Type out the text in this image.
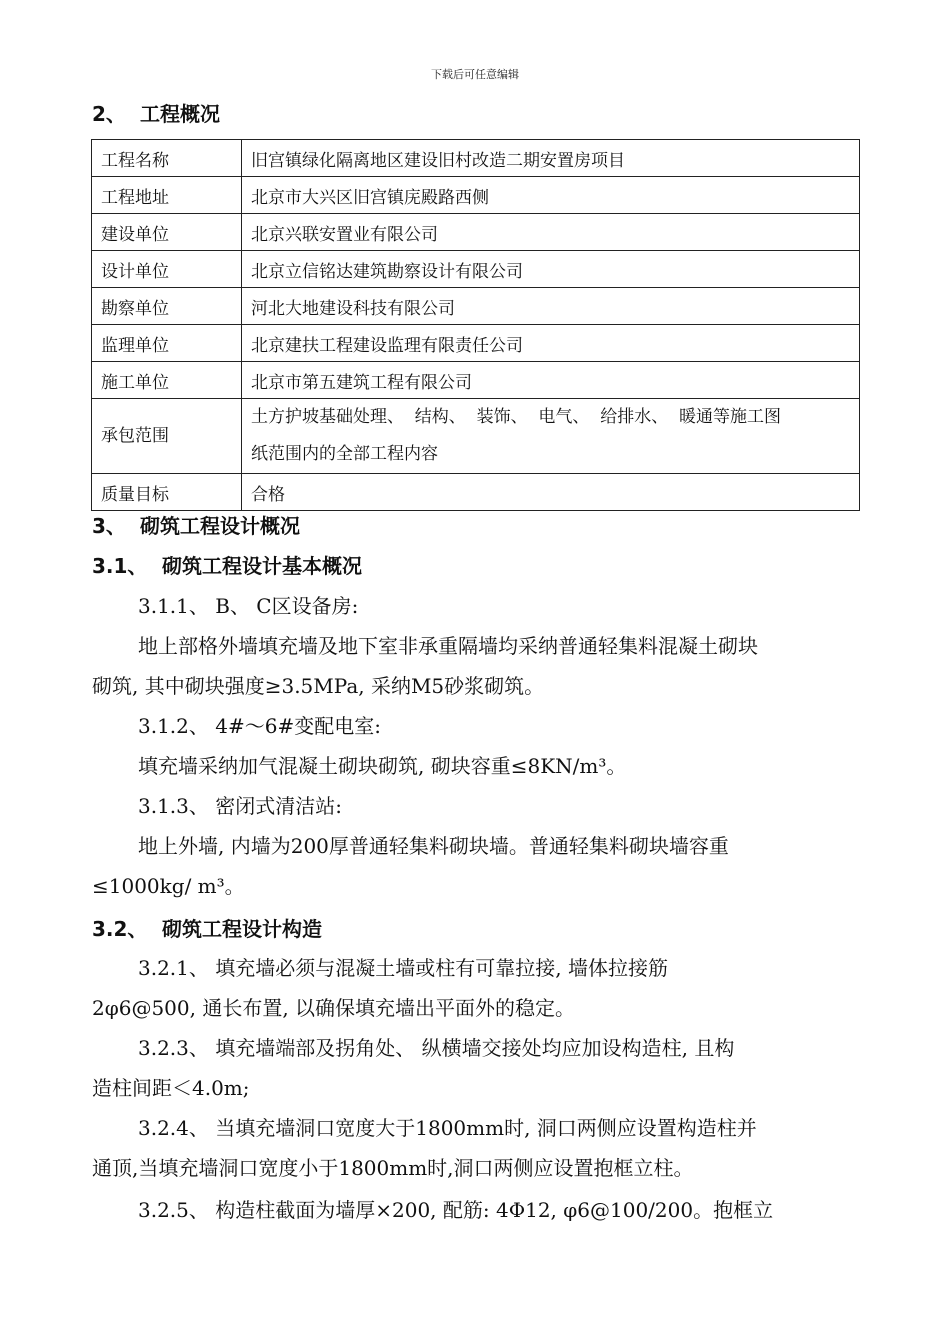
下载后可任意编辑
2、 工程概况
工程名称	旧宫镇绿化隔离地区建设旧村改造二期安置房项目
工程地址	北京市大兴区旧宫镇庑殿路西侧
建设单位	北京兴联安置业有限公司
设计单位	北京立信铭达建筑勘察设计有限公司
勘察单位	河北大地建设科技有限公司
监理单位	北京建扶工程建设监理有限责任公司
施工单位	北京市第五建筑工程有限公司
承包范围	土方护坡基础处理、  结构、  装饰、  电气、  给排水、  暖通等施工图
纸范围内的全部工程内容

质量目标	合格
3、 砌筑工程设计概况
3.1、 砌筑工程设计基本概况
3.1.1、 B、 C区设备房:
地上部格外墙填充墙及地下室非承重隔墙均采纳普通轻集料混凝土砌块
砌筑, 其中砌块强度≥3.5MPa, 采纳M5砂浆砌筑。
3.1.2、 4#～6#变配电室:
填充墙采纳加气混凝土砌块砌筑, 砌块容重≤8KN/m³。
3.1.3、 密闭式清洁站:
地上外墙, 内墙为200厚普通轻集料砌块墙。普通轻集料砌块墙容重
≤1000kg/ m³。
3.2、 砌筑工程设计构造
3.2.1、 填充墙必须与混凝土墙或柱有可靠拉接, 墙体拉接筋
2φ6@500, 通长布置, 以确保填充墙出平面外的稳定。
3.2.3、 填充墙端部及拐角处、 纵横墙交接处均应加设构造柱, 且构
造柱间距＜4.0m;
3.2.4、 当填充墙洞口宽度大于1800mm时, 洞口两侧应设置构造柱并
通顶,当填充墙洞口宽度小于1800mm时,洞口两侧应设置抱框立柱。
3.2.5、 构造柱截面为墙厚×200, 配筋: 4Φ12, φ6@100/200。抱框立
